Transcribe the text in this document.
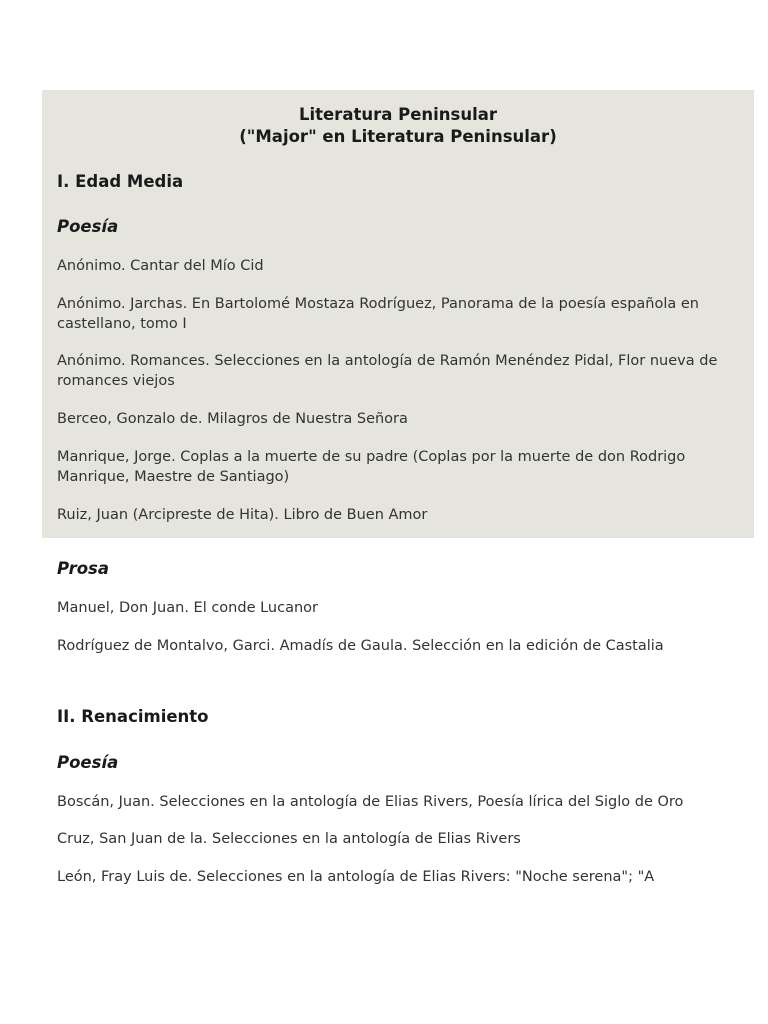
Literatura Peninsular
("Major" en Literatura Peninsular)
I. Edad Media
Poesía
Anónimo. Cantar del Mío Cid
Anónimo. Jarchas. En Bartolomé Mostaza Rodríguez, Panorama de la poesía española en castellano, tomo I
Anónimo. Romances. Selecciones en la antología de Ramón Menéndez Pidal, Flor nueva de romances viejos
Berceo, Gonzalo de. Milagros de Nuestra Señora
Manrique, Jorge. Coplas a la muerte de su padre (Coplas por la muerte de don Rodrigo Manrique, Maestre de Santiago)
Ruiz, Juan (Arcipreste de Hita). Libro de Buen Amor
Prosa
Manuel, Don Juan. El conde Lucanor
Rodríguez de Montalvo, Garci. Amadís de Gaula. Selección en la edición de Castalia
II. Renacimiento
Poesía
Boscán, Juan. Selecciones en la antología de Elias Rivers, Poesía lírica del Siglo de Oro
Cruz, San Juan de la. Selecciones en la antología de Elias Rivers
León, Fray Luis de. Selecciones en la antología de Elias Rivers: "Noche serena"; "A
